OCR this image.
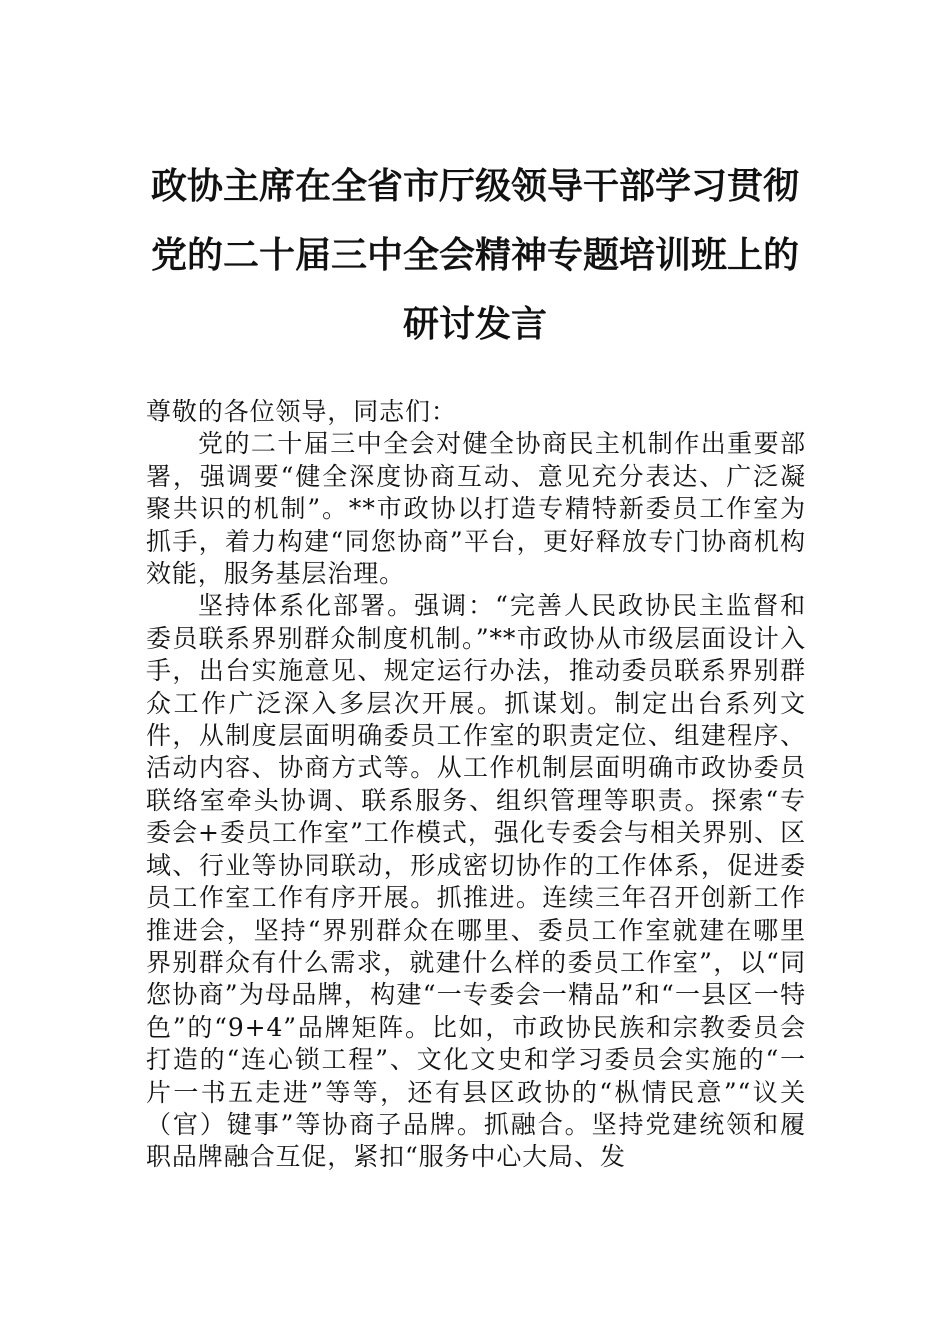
政协主席在全省市厅级领导干部学习贯彻
党的二十届三中全会精神专题培训班上的
研讨发言

尊敬的各位领导，同志们：

党的二十届三中全会对健全协商民主机制作出重要部署，强调要“健全深度协商互动、意见充分表达、广泛凝聚共识的机制”。**市政协以打造专精特新委员工作室为抓手，着力构建“同您协商”平台，更好释放专门协商机构效能，服务基层治理。

坚持体系化部署。强调：“完善人民政协民主监督和委员联系界别群众制度机制。”**市政协从市级层面设计入手，出台实施意见、规定运行办法，推动委员联系界别群众工作广泛深入多层次开展。抓谋划。制定出台系列文件，从制度层面明确委员工作室的职责定位、组建程序、活动内容、协商方式等。从工作机制层面明确市政协委员联络室牵头协调、联系服务、组织管理等职责。探索“专委会+委员工作室”工作模式，强化专委会与相关界别、区域、行业等协同联动，形成密切协作的工作体系，促进委员工作室工作有序开展。抓推进。连续三年召开创新工作推进会，坚持“界别群众在哪里、委员工作室就建在哪里界别群众有什么需求，就建什么样的委员工作室”，以“同您协商”为母品牌，构建“一专委会一精品”和“一县区一特色”的“9+4”品牌矩阵。比如，市政协民族和宗教委员会打造的“连心锁工程”、文化文史和学习委员会实施的“一片一书五走进”等等，还有县区政协的“枞情民意”“议关（官）键事”等协商子品牌。抓融合。坚持党建统领和履职品牌融合互促，紧扣“服务中心大局、发
